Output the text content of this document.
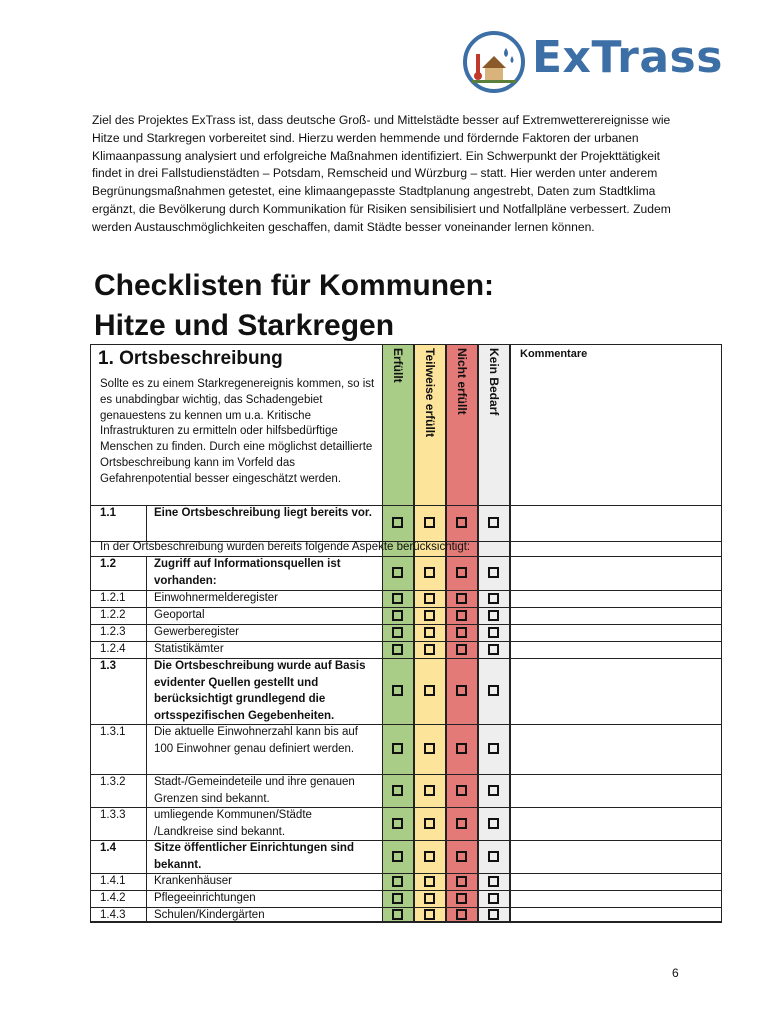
ExTrass

Ziel des Projektes ExTrass ist, dass deutsche Groß- und Mittelstädte besser auf Extremwetterereignisse wie Hitze und Starkregen vorbereitet sind. Hierzu werden hemmende und fördernde Faktoren der urbanen Klimaanpassung analysiert und erfolgreiche Maßnahmen identifiziert. Ein Schwerpunkt der Projekttätigkeit findet in drei Fallstudienstädten – Potsdam, Remscheid und Würzburg – statt. Hier werden unter anderem Begrünungsmaßnahmen getestet, eine klimaangepasste Stadtplanung angestrebt, Daten zum Stadtklima ergänzt, die Bevölkerung durch Kommunikation für Risiken sensibilisiert und Notfallpläne verbessert. Zudem werden Austauschmöglichkeiten geschaffen, damit Städte besser voneinander lernen können.

Checklisten für Kommunen:
Hitze und Starkregen
Erfüllt	Teilweise erfüllt	Nicht erfüllt	Kein Bedarf	Kommentare
1. Ortsbeschreibung

Sollte es zu einem Starkregenereignis kommen, so ist es unabdingbar wichtig, das Schadengebiet genauestens zu kennen um u.a. Kritische Infrastrukturen zu ermitteln oder hilfsbedürftige Menschen zu finden. Durch eine möglichst detaillierte Ortsbeschreibung kann im Vorfeld das Gefahrenpotential besser eingeschätzt werden.

In der Ortsbeschreibung wurden bereits folgende Aspekte berücksichtigt:
1.1	Eine Ortsbeschreibung liegt bereits vor.
1.2	Zugriff auf Informationsquellen ist vorhanden:
1.2.1 Einwohnermelderegister
1.2.2 Geoportal
1.2.3 Gewerberegister
1.2.4 Statistikämter
1.3	Die Ortsbeschreibung wurde auf Basis evidenter Quellen gestellt und berücksichtigt grundlegend die ortsspezifischen Gegebenheiten.
1.3.1 Die aktuelle Einwohnerzahl kann bis auf 100 Einwohner genau definiert werden.
1.3.2 Stadt-/Gemeindeteile und ihre genauen Grenzen sind bekannt.
1.3.3 umliegende Kommunen/Städte /Landkreise sind bekannt.
1.4	Sitze öffentlicher Einrichtungen sind bekannt.
1.4.1 Krankenhäuser
1.4.2 Pflegeeinrichtungen
1.4.3 Schulen/Kindergärten
6
